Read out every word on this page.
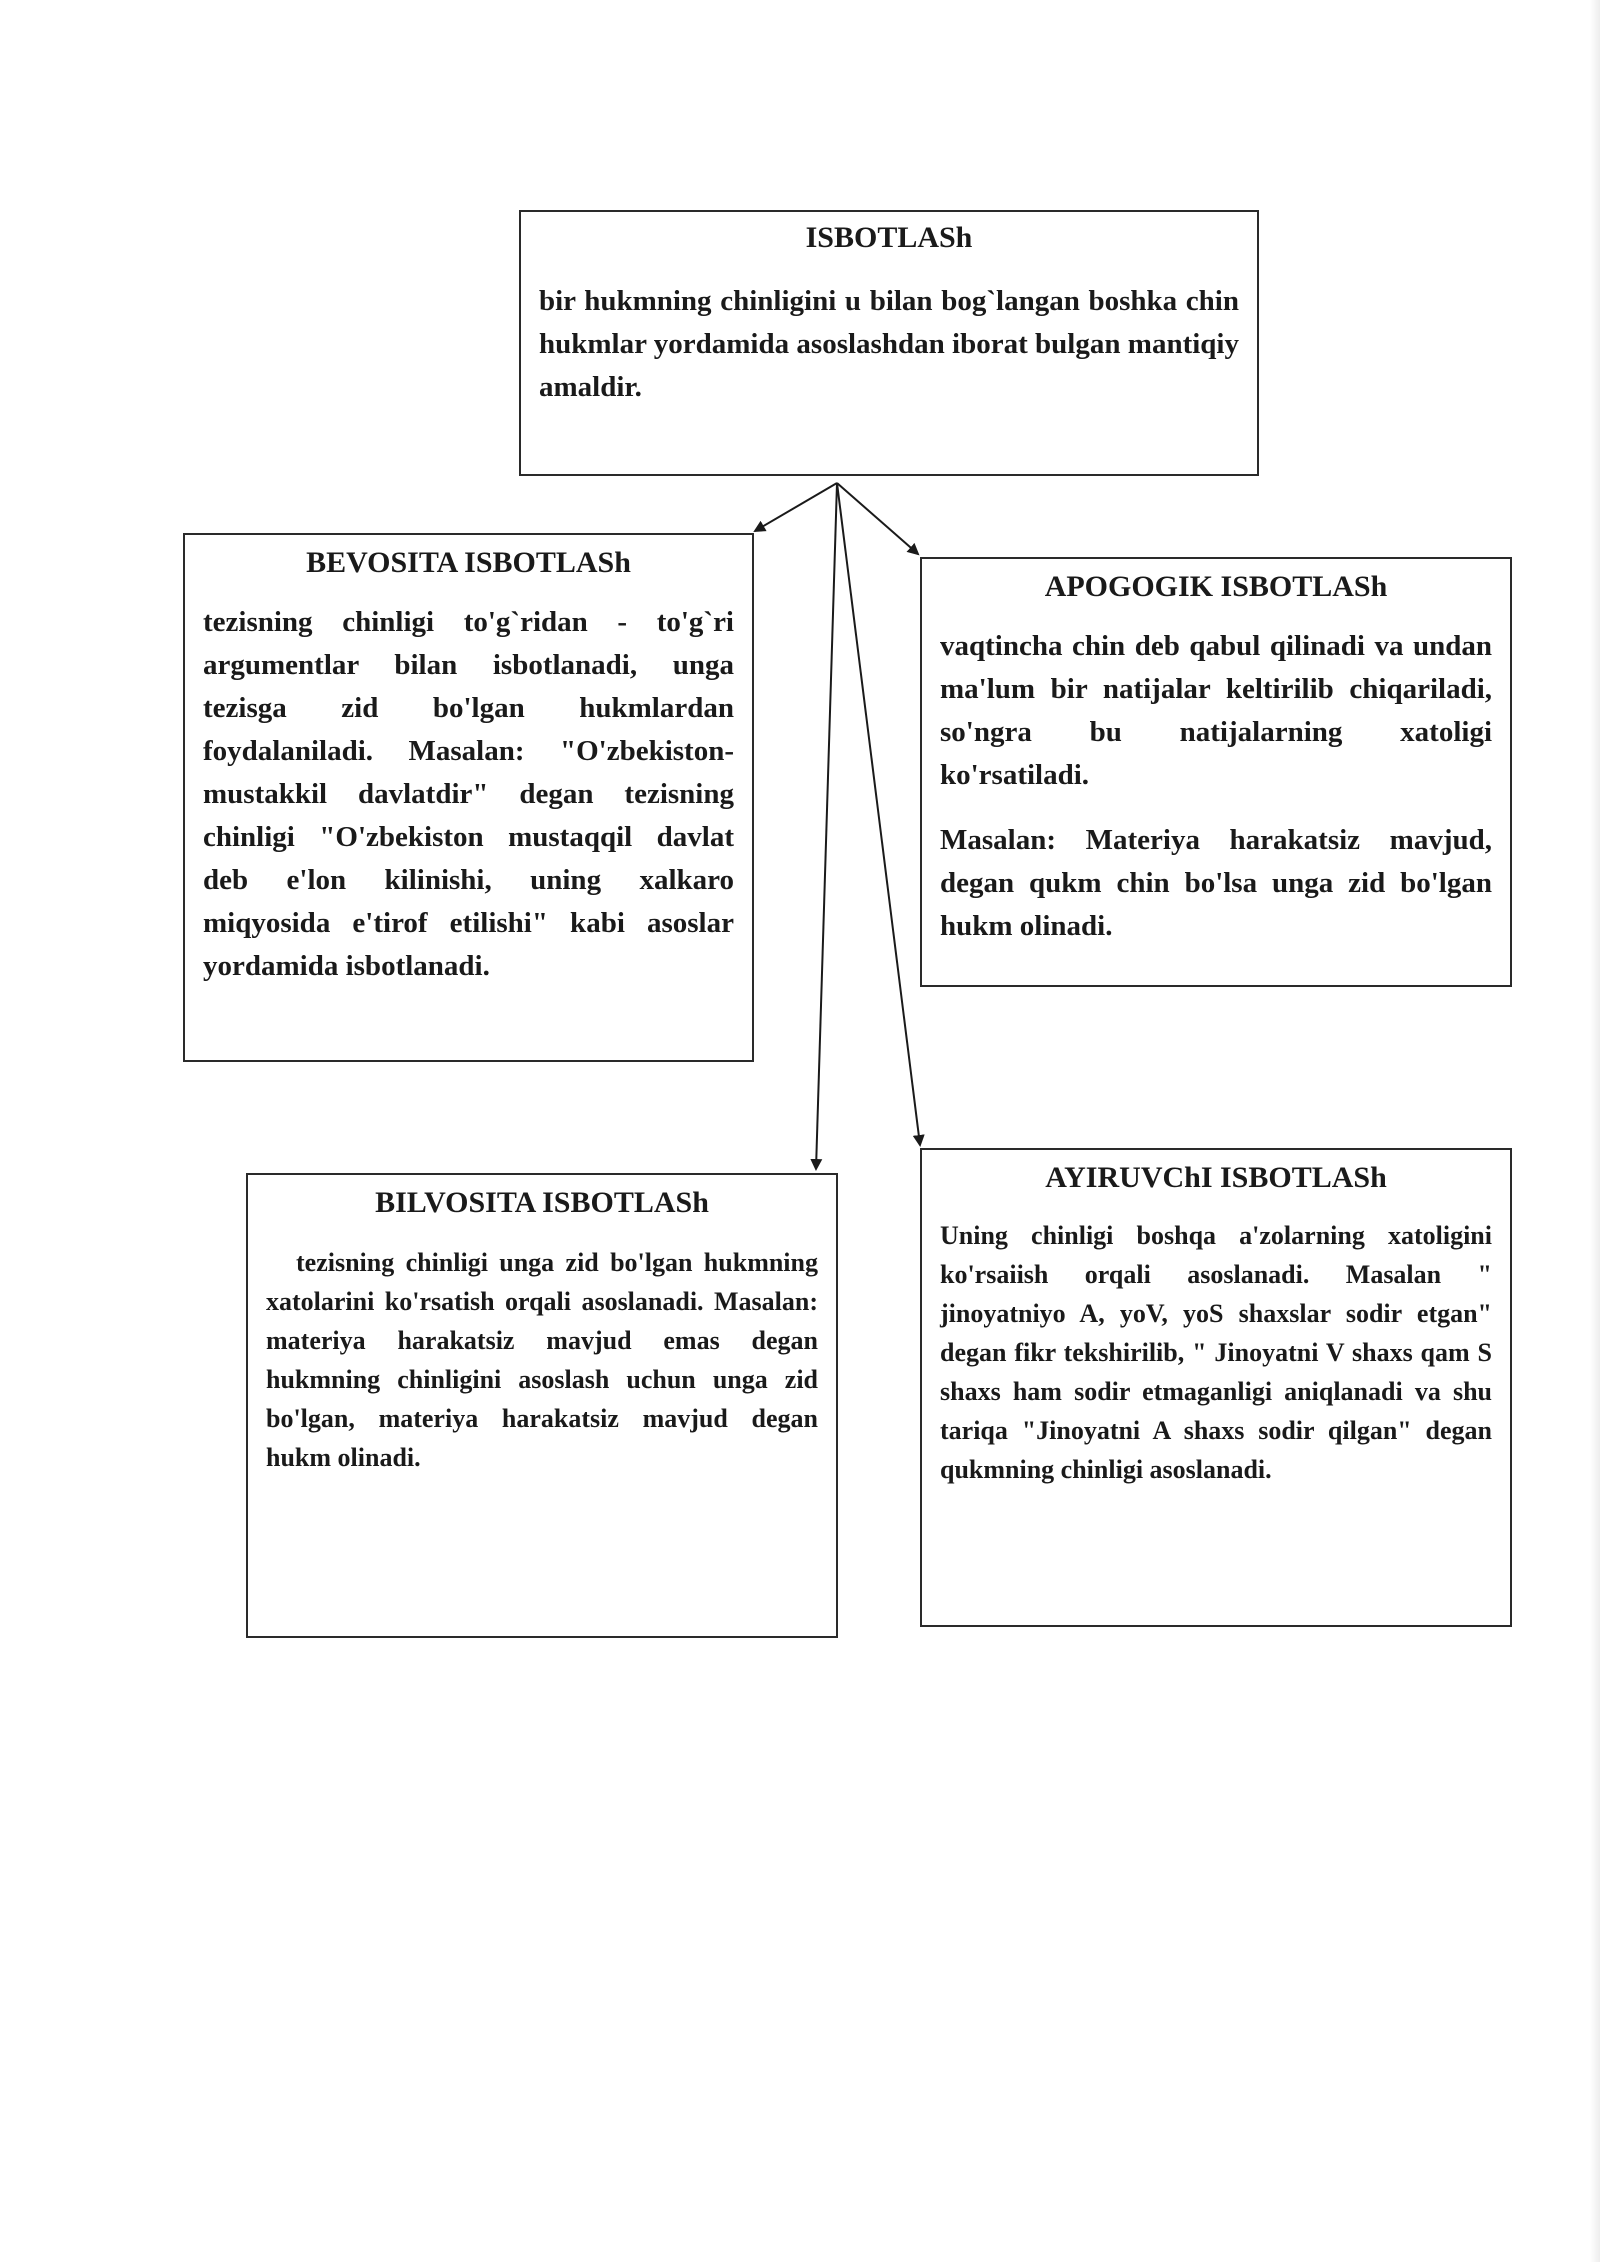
ISBOTLASh

bir hukmning chinligini u bilan bog`langan boshka chin hukmlar yordamida asoslashdan iborat bulgan mantiqiy amaldir.

BEVOSITA ISBOTLASh

tezisning chinligi to'g`ridan - to'g`ri argumentlar bilan isbotlanadi, unga tezisga zid bo'lgan hukmlardan foydalaniladi. Masalan: "O'zbekiston-mustakkil davlatdir" degan tezisning chinligi "O'zbekiston mustaqqil davlat deb e'lon kilinishi, uning xalkaro miqyosida e'tirof etilishi" kabi asoslar yordamida isbotlanadi.

APOGOGIK ISBOTLASh

vaqtincha chin deb qabul qilinadi va undan ma'lum bir natijalar keltirilib chiqariladi, so'ngra bu natijalarning xatoligi ko'rsatiladi.

Masalan: Materiya harakatsiz mavjud, degan qukm chin bo'lsa unga zid bo'lgan hukm olinadi.

BILVOSITA ISBOTLASh

tezisning chinligi unga zid bo'lgan hukmning xatolarini ko'rsatish orqali asoslanadi. Masalan: materiya harakatsiz mavjud emas degan hukmning chinligini asoslash uchun unga zid bo'lgan, materiya harakatsiz mavjud degan hukm olinadi.

AYIRUVChI ISBOTLASh

Uning chinligi boshqa a'zolarning xatoligini ko'rsaiish orqali asoslanadi. Masalan " jinoyatniyo A, yoV, yoS shaxslar sodir etgan" degan fikr tekshirilib, " Jinoyatni V shaxs qam S shaxs ham sodir etmaganligi aniqlanadi va shu tariqa "Jinoyatni A shaxs sodir qilgan" degan qukmning chinligi asoslanadi.
